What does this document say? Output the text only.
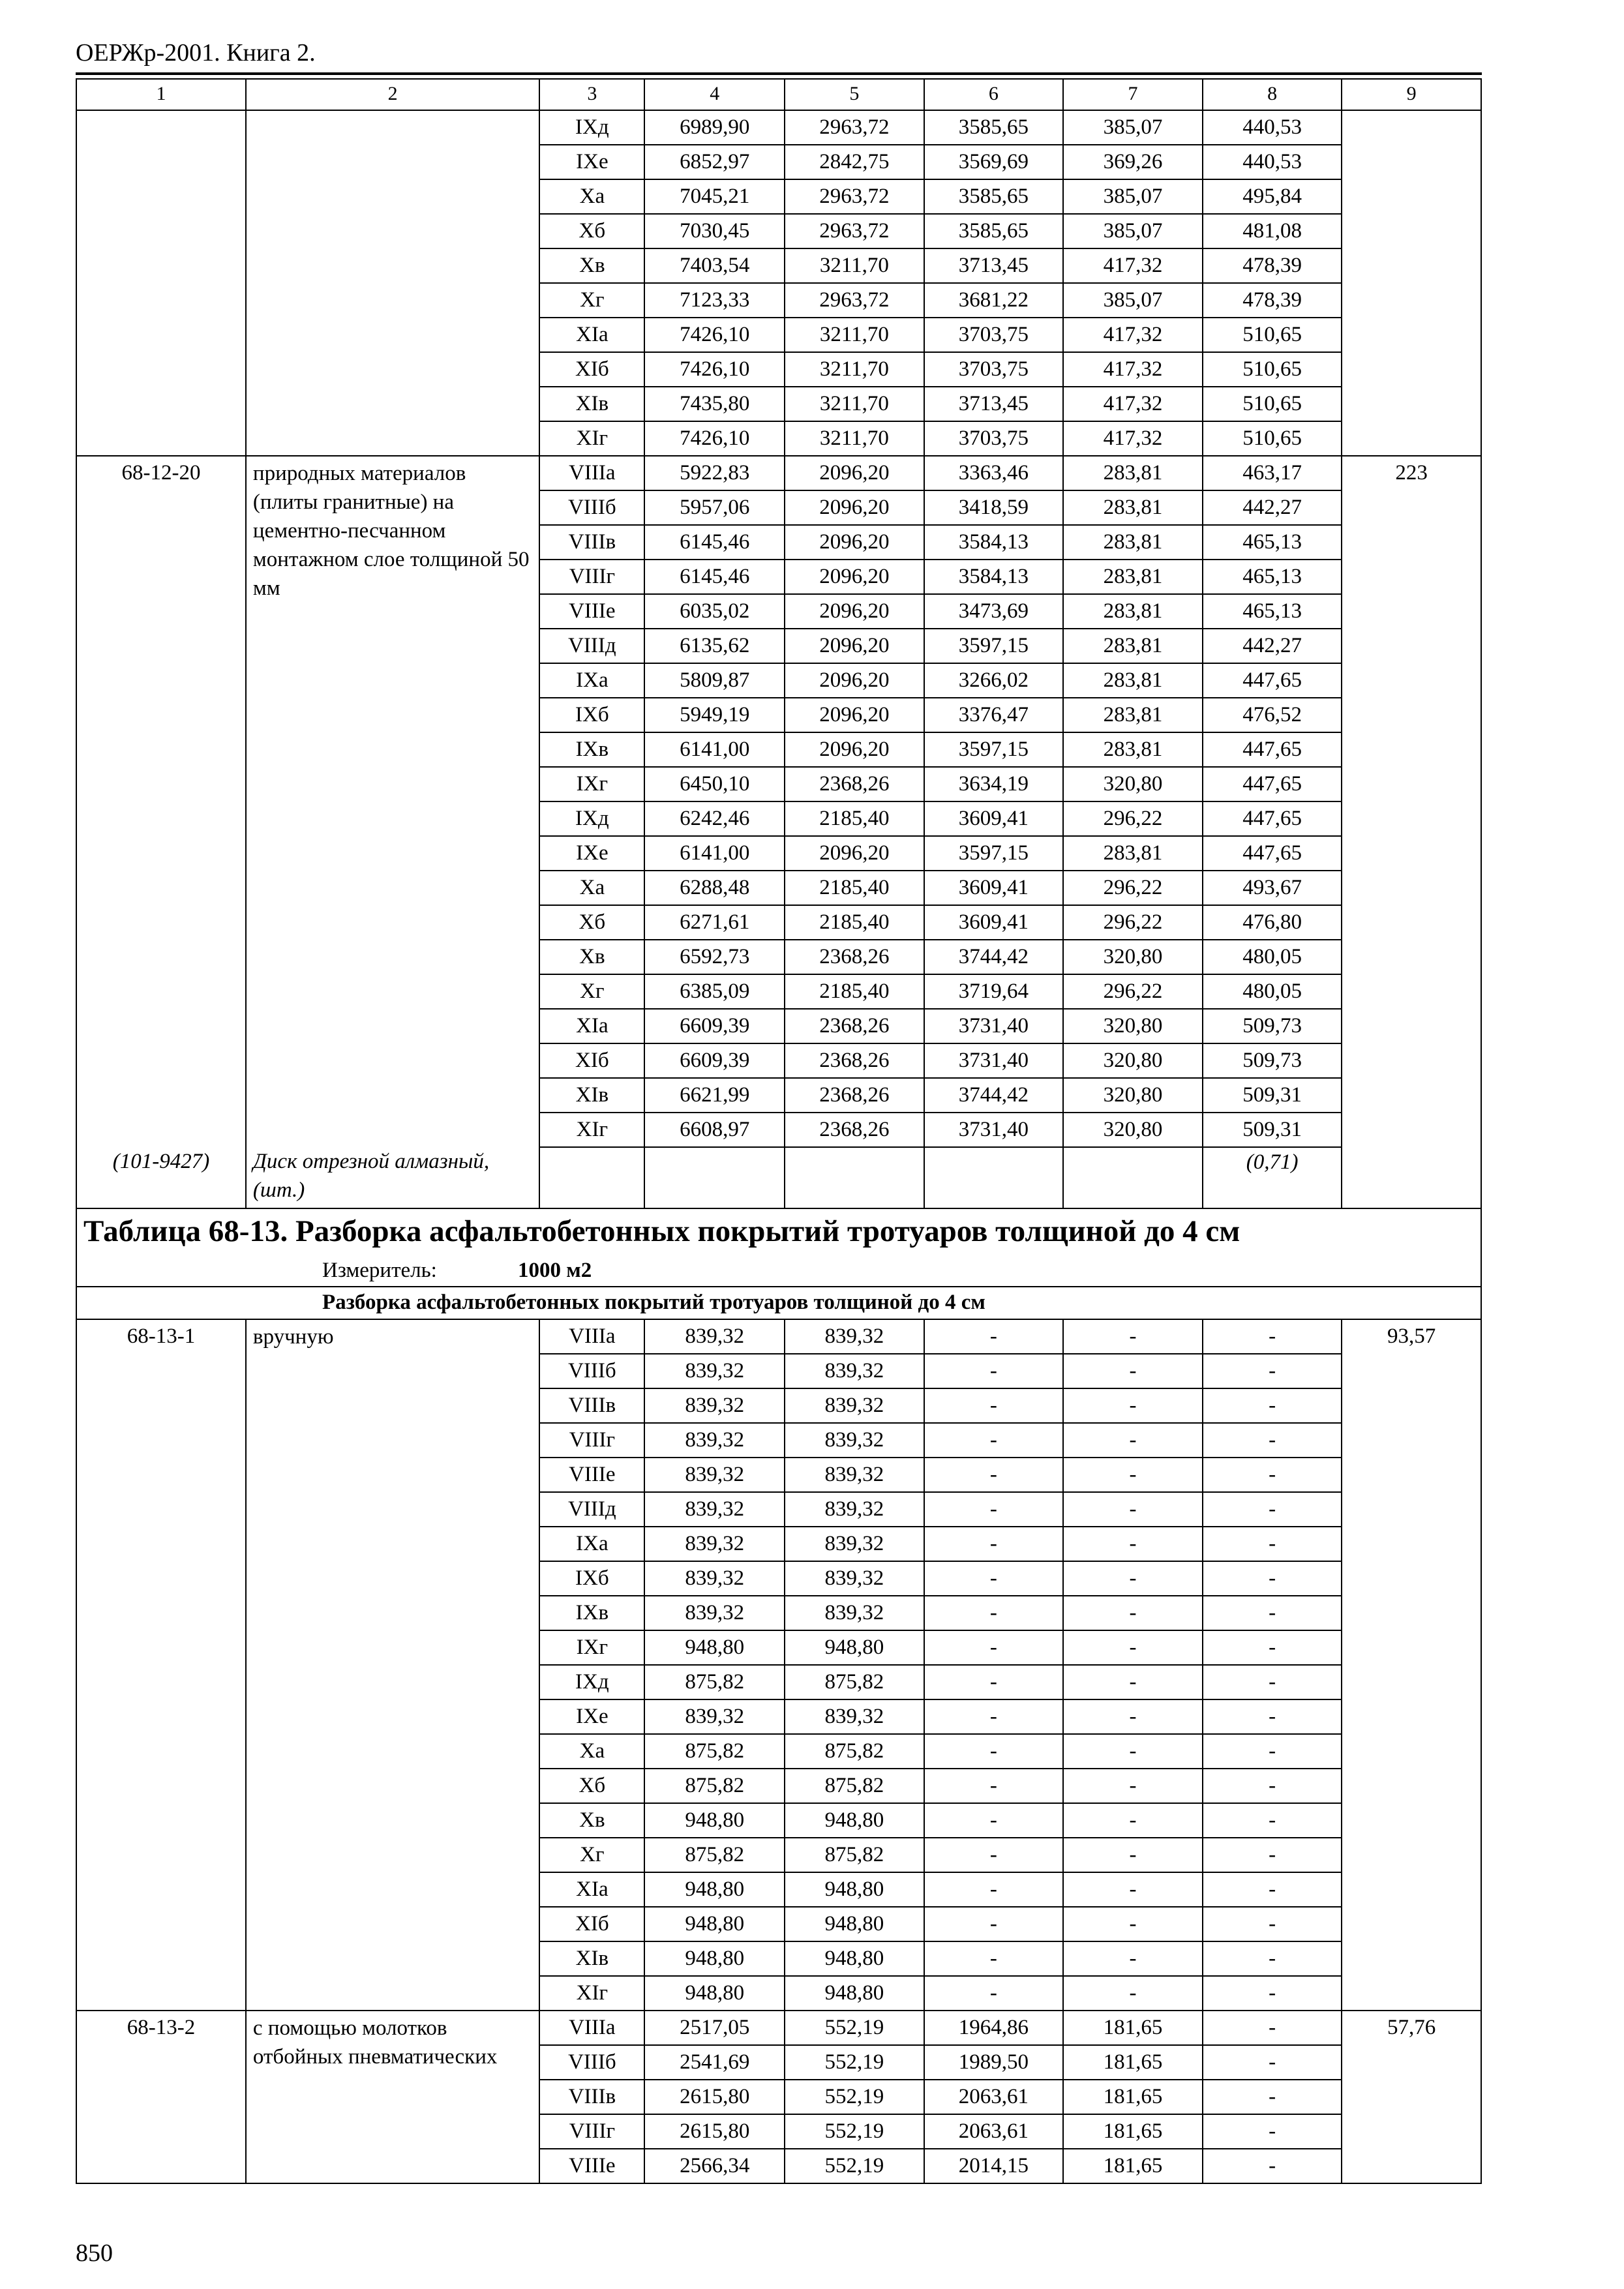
ОЕРЖр-2001. Книга 2.
1	2	3	4	5	6	7	8	9
		IXд	6989,90	2963,72	3585,65	385,07	440,53	
		IXе	6852,97	2842,75	3569,69	369,26	440,53	
		Xа	7045,21	2963,72	3585,65	385,07	495,84	
		Xб	7030,45	2963,72	3585,65	385,07	481,08	
		Xв	7403,54	3211,70	3713,45	417,32	478,39	
		Xг	7123,33	2963,72	3681,22	385,07	478,39	
		XIа	7426,10	3211,70	3703,75	417,32	510,65	
		XIб	7426,10	3211,70	3703,75	417,32	510,65	
		XIв	7435,80	3211,70	3713,45	417,32	510,65	
		XIг	7426,10	3211,70	3703,75	417,32	510,65	
68-12-20	природных материалов (плиты гранитные) на цементно-песчанном монтажном слое толщиной 50 мм	VIIIа	5922,83	2096,20	3363,46	283,81	463,17	223
		VIIIб	5957,06	2096,20	3418,59	283,81	442,27	
		VIIIв	6145,46	2096,20	3584,13	283,81	465,13	
		VIIIг	6145,46	2096,20	3584,13	283,81	465,13	
		VIIIе	6035,02	2096,20	3473,69	283,81	465,13	
		VIIIд	6135,62	2096,20	3597,15	283,81	442,27	
		IXа	5809,87	2096,20	3266,02	283,81	447,65	
		IXб	5949,19	2096,20	3376,47	283,81	476,52	
		IXв	6141,00	2096,20	3597,15	283,81	447,65	
		IXг	6450,10	2368,26	3634,19	320,80	447,65	
		IXд	6242,46	2185,40	3609,41	296,22	447,65	
		IXе	6141,00	2096,20	3597,15	283,81	447,65	
		Xа	6288,48	2185,40	3609,41	296,22	493,67	
		Xб	6271,61	2185,40	3609,41	296,22	476,80	
		Xв	6592,73	2368,26	3744,42	320,80	480,05	
		Xг	6385,09	2185,40	3719,64	296,22	480,05	
		XIа	6609,39	2368,26	3731,40	320,80	509,73	
		XIб	6609,39	2368,26	3731,40	320,80	509,73	
		XIв	6621,99	2368,26	3744,42	320,80	509,31	
		XIг	6608,97	2368,26	3731,40	320,80	509,31	
(101-9427)	Диск отрезной алмазный, (шт.)						(0,71)	
Таблица 68-13. Разборка асфальтобетонных покрытий тротуаров толщиной до 4 см								
Измеритель: 1000 м2								
Разборка асфальтобетонных покрытий тротуаров толщиной до 4 см								
68-13-1	вручную	VIIIа	839,32	839,32	-	-	-	93,57
		VIIIб	839,32	839,32	-	-	-	
		VIIIв	839,32	839,32	-	-	-	
		VIIIг	839,32	839,32	-	-	-	
		VIIIе	839,32	839,32	-	-	-	
		VIIIд	839,32	839,32	-	-	-	
		IXа	839,32	839,32	-	-	-	
		IXб	839,32	839,32	-	-	-	
		IXв	839,32	839,32	-	-	-	
		IXг	948,80	948,80	-	-	-	
		IXд	875,82	875,82	-	-	-	
		IXе	839,32	839,32	-	-	-	
		Xа	875,82	875,82	-	-	-	
		Xб	875,82	875,82	-	-	-	
		Xв	948,80	948,80	-	-	-	
		Xг	875,82	875,82	-	-	-	
		XIа	948,80	948,80	-	-	-	
		XIб	948,80	948,80	-	-	-	
		XIв	948,80	948,80	-	-	-	
		XIг	948,80	948,80	-	-	-	
68-13-2	с помощью молотков отбойных пневматических	VIIIа	2517,05	552,19	1964,86	181,65	-	57,76
		VIIIб	2541,69	552,19	1989,50	181,65	-	
		VIIIв	2615,80	552,19	2063,61	181,65	-	
		VIIIг	2615,80	552,19	2063,61	181,65	-	
		VIIIе	2566,34	552,19	2014,15	181,65	-	
850
